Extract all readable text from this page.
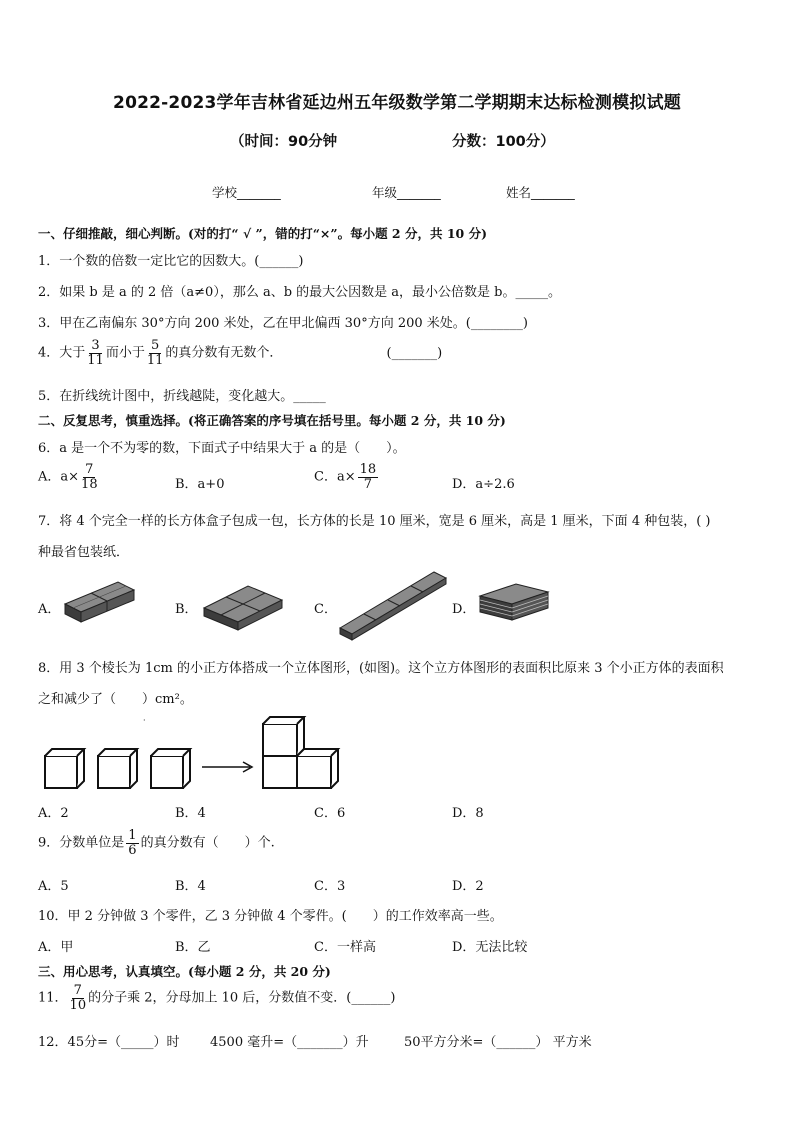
2022-2023学年吉林省延边州五年级数学第二学期期末达标检测模拟试题
（时间：90分钟	分数：100分）
学校_______	年级_______	姓名_______
一、仔细推敲，细心判断。(对的打“ √ ”，错的打“×”。每小题 2 分，共 10 分)
1．一个数的倍数一定比它的因数大。(______)
2．如果 b 是 a 的 2 倍（a≠0），那么 a、b 的最大公因数是 a，最小公倍数是 b。_____。
3．甲在乙南偏东 30°方向 200 米处，乙在甲北偏西 30°方向 200 米处。(________)
4．大于 $\frac{3}{11}$ 而小于 $\frac{5}{11}$ 的真分数有无数个．	(_______)
5．在折线统计图中，折线越陡，变化越大。_____
二、反复思考，慎重选择。(将正确答案的序号填在括号里。每小题 2 分，共 10 分)
6．a 是一个不为零的数，下面式子中结果大于 a 的是（　　）。
A．$a\times \frac{7}{18}$	B．a+0	C．$a\times \frac{18}{7}$	D．a÷2.6
7．将 4 个完全一样的长方体盒子包成一包，长方体的长是 10 厘米，宽是 6 厘米，高是 1 厘米，下面 4 种包装，( )
种最省包装纸．
A．	B．	C．	D．
8．用 3 个棱长为 1cm 的小正方体搭成一个立体图形，(如图)。这个立方体图形的表面积比原来 3 个小正方体的表面积
之和减少了（　　）cm²。
·
A．2	B．4	C．6	D．8
9．分数单位是 $\frac{1}{6}$ 的真分数有（　　）个.
A．5	B．4	C．3	D．2
10．甲 2 分钟做 3 个零件，乙 3 分钟做 4 个零件。(　　）的工作效率高一些。
A．甲	B．乙	C．一样高	D．无法比较
三、用心思考，认真填空。(每小题 2 分，共 20 分)
11． $\frac{7}{10}$ 的分子乘 2，分母加上 10 后，分数值不变．(______)
12．45分=（_____）时 4500 毫升=（_______）升	50平方分米=（______） 平方米
